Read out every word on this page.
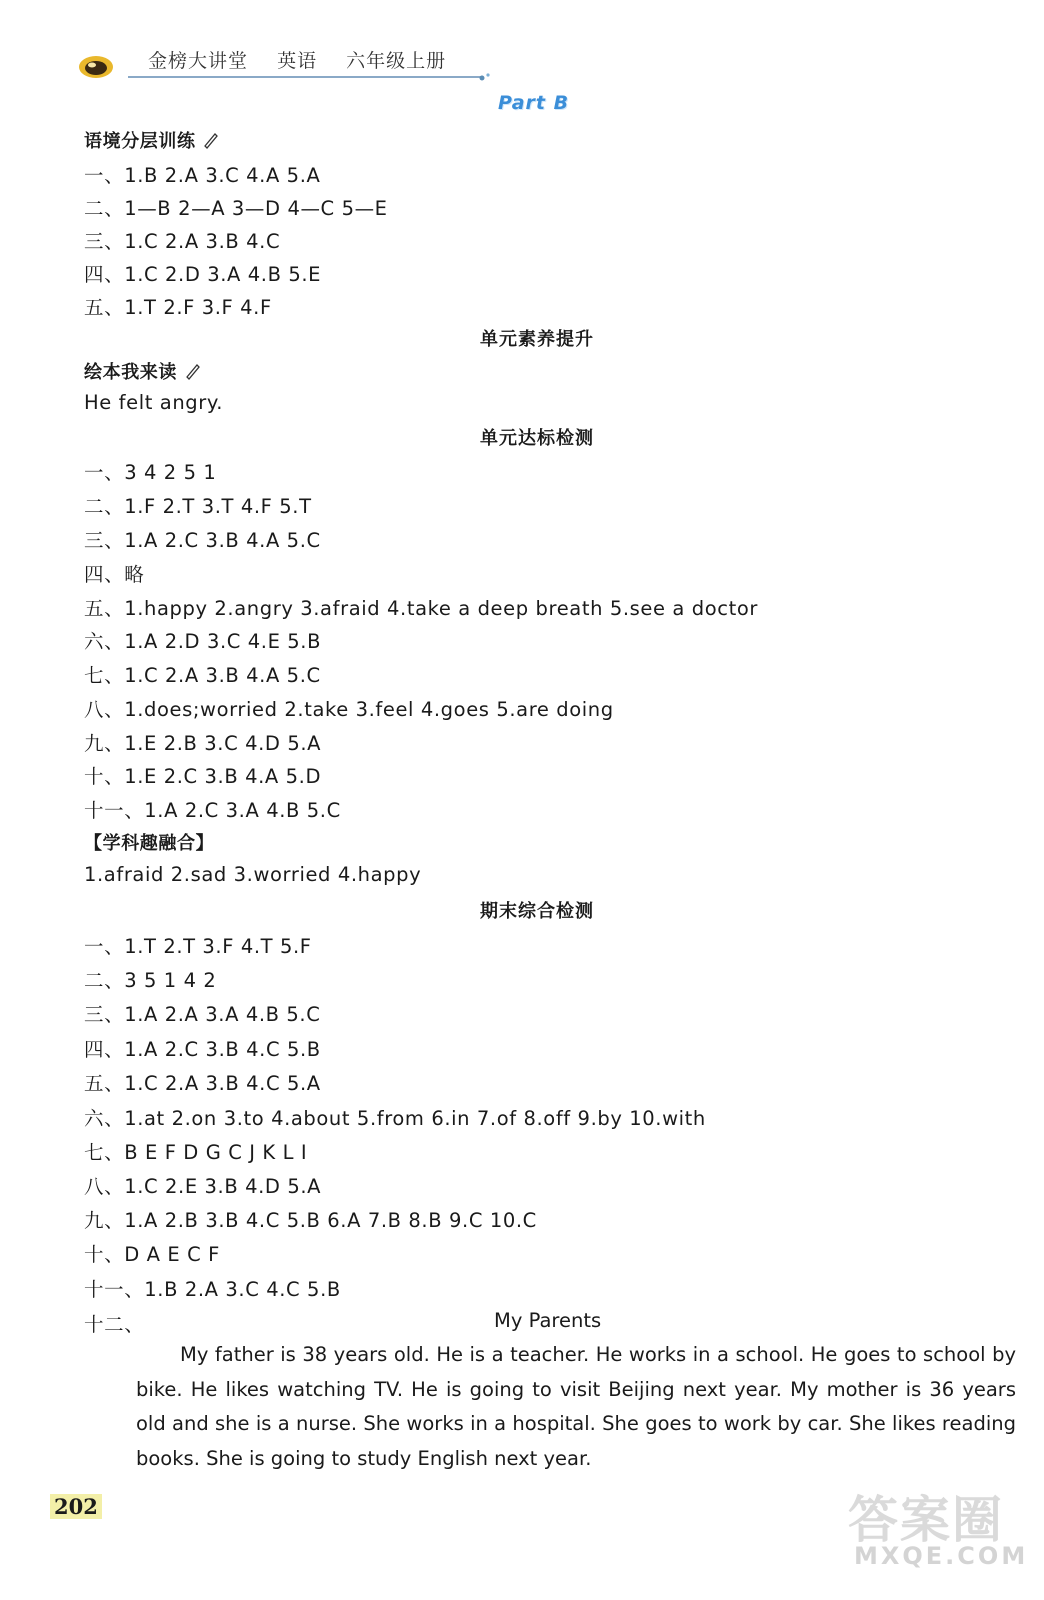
金榜大讲堂 英语 六年级上册
Part B
语境分层训练
一、1.B 2.A 3.C 4.A 5.A
二、1—B 2—A 3—D 4—C 5—E
三、1.C 2.A 3.B 4.C
四、1.C 2.D 3.A 4.B 5.E
五、1.T 2.F 3.F 4.F
单元素养提升
绘本我来读
He felt angry.
单元达标检测
一、3 4 2 5 1
二、1.F 2.T 3.T 4.F 5.T
三、1.A 2.C 3.B 4.A 5.C
四、略
五、1.happy 2.angry 3.afraid 4.take a deep breath 5.see a doctor
六、1.A 2.D 3.C 4.E 5.B
七、1.C 2.A 3.B 4.A 5.C
八、1.does;worried 2.take 3.feel 4.goes 5.are doing
九、1.E 2.B 3.C 4.D 5.A
十、1.E 2.C 3.B 4.A 5.D
十一、1.A 2.C 3.A 4.B 5.C
【学科趣融合】
1.afraid 2.sad 3.worried 4.happy
期末综合检测
一、1.T 2.T 3.F 4.T 5.F
二、3 5 1 4 2
三、1.A 2.A 3.A 4.B 5.C
四、1.A 2.C 3.B 4.C 5.B
五、1.C 2.A 3.B 4.C 5.A
六、1.at 2.on 3.to 4.about 5.from 6.in 7.of 8.off 9.by 10.with
七、B E F D G C J K L I
八、1.C 2.E 3.B 4.D 5.A
九、1.A 2.B 3.B 4.C 5.B 6.A 7.B 8.B 9.C 10.C
十、D A E C F
十一、1.B 2.A 3.C 4.C 5.B
十二、	My Parents
My father is 38 years old. He is a teacher. He works in a school. He goes to school by bike. He likes watching TV. He is going to visit Beijing next year. My mother is 36 years old and she is a nurse. She works in a hospital. She goes to work by car. She likes reading books. She is going to study English next year.
202	答案圈
MXQE.COM
